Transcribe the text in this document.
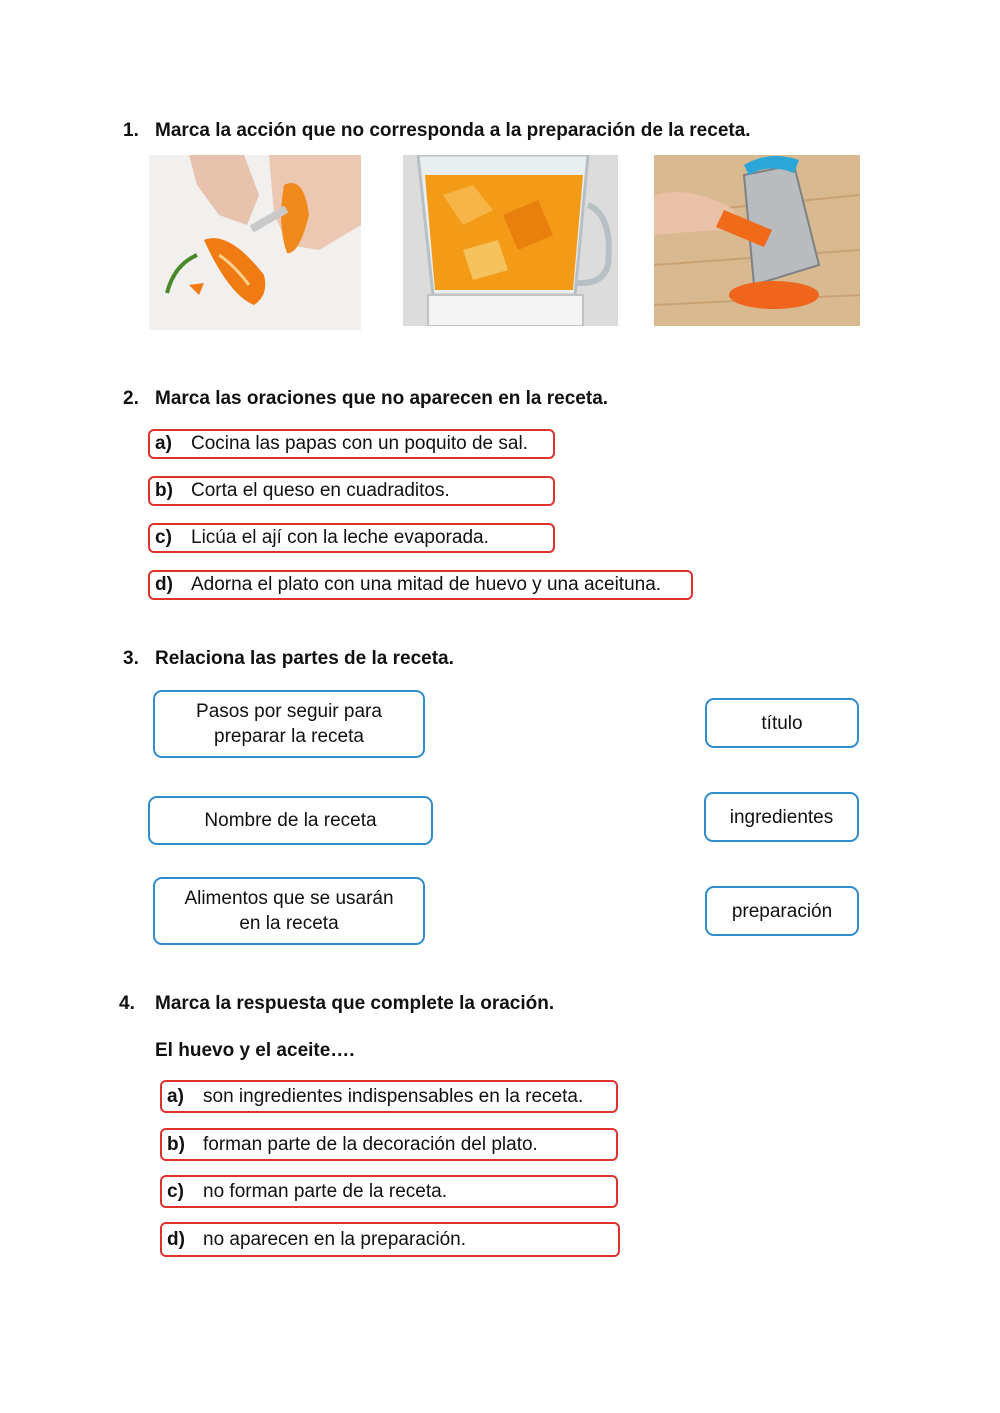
1. Marca la acción que no corresponda a la preparación de la receta.

2. Marca las oraciones que no aparecen en la receta.

a) Cocina las papas con un poquito de sal.
b) Corta el queso en cuadraditos.
c) Licúa el ají con la leche evaporada.
d) Adorna el plato con una mitad de huevo y una aceituna.

3. Relaciona las partes de la receta.

Pasos por seguir para
preparar la receta
Nombre de la receta
Alimentos que se usarán
en la receta
título
ingredientes
preparación

4. Marca la respuesta que complete la oración.

El huevo y el aceite….

a) son ingredientes indispensables en la receta.
b) forman parte de la decoración del plato.
c) no forman parte de la receta.
d) no aparecen en la preparación.
